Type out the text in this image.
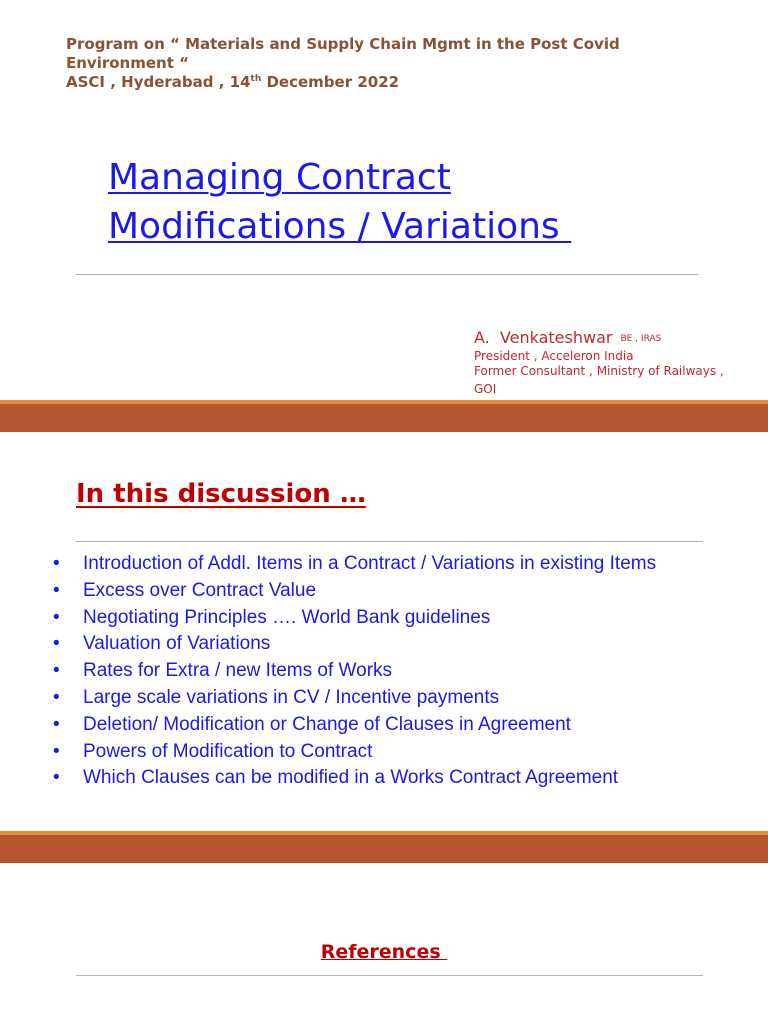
Program on “ Materials and Supply Chain Mgmt in the Post Covid
Environment “
ASCI , Hyderabad , 14th December 2022
Managing Contract
Modifications / Variations
A.  Venkateshwar BE , IRAS
President , Acceleron India
Former Consultant , Ministry of Railways ,
GOI
In this discussion …
• Introduction of Addl. Items in a Contract / Variations in existing Items
• Excess over Contract Value
• Negotiating Principles …. World Bank guidelines
• Valuation of Variations
• Rates for Extra / new Items of Works
• Large scale variations in CV / Incentive payments
• Deletion/ Modification or Change of Clauses in Agreement
• Powers of Modification to Contract
• Which Clauses can be modified in a Works Contract Agreement
References
